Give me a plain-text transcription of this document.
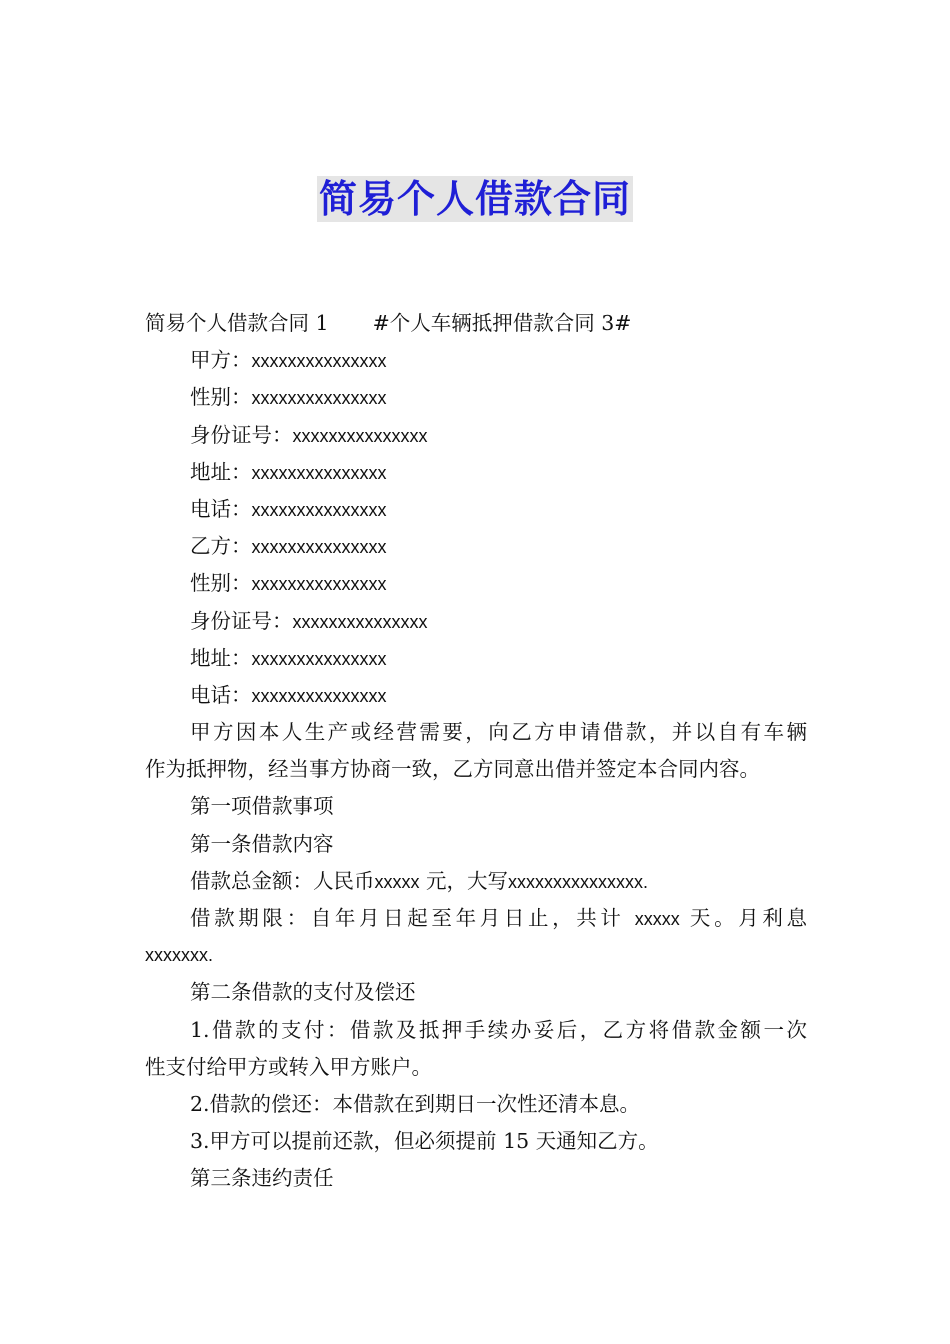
简易个人借款合同
简易个人借款合同 1 #个人车辆抵押借款合同 3#
甲方：xxxxxxxxxxxxxxx
性别：xxxxxxxxxxxxxxx
身份证号：xxxxxxxxxxxxxxx
地址：xxxxxxxxxxxxxxx
电话：xxxxxxxxxxxxxxx
乙方：xxxxxxxxxxxxxxx
性别：xxxxxxxxxxxxxxx
身份证号：xxxxxxxxxxxxxxx
地址：xxxxxxxxxxxxxxx
电话：xxxxxxxxxxxxxxx
甲方因本人生产或经营需要，向乙方申请借款，并以自有车辆
作为抵押物，经当事方协商一致，乙方同意出借并签定本合同内容。
第一项借款事项
第一条借款内容
借款总金额：人民币xxxxx 元，大写xxxxxxxxxxxxxxx.
借款期限：自年月日起至年月日止，共计 xxxxx 天。月利息
xxxxxxx.
第二条借款的支付及偿还
1.借款的支付：借款及抵押手续办妥后，乙方将借款金额一次
性支付给甲方或转入甲方账户。
2.借款的偿还：本借款在到期日一次性还清本息。
3.甲方可以提前还款，但必须提前 15 天通知乙方。
第三条违约责任
